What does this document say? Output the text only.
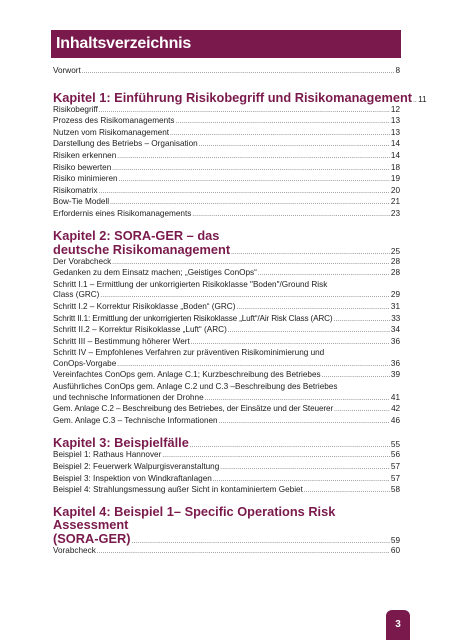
Inhaltsverzeichnis
Vorwort .....	8
Kapitel 1: Einführung Risikobegriff und Risikomanagement ..... 11
Risikobegriff .....	12
Prozess des Risikomanagements .....	13
Nutzen vom Risikomanagement .....	13
Darstellung des Betriebs – Organisation .....	14
Risiken erkennen .....	14
Risiko bewerten .....	18
Risiko minimieren .....	19
Risikomatrix .....	20
Bow-Tie Modell .....	21
Erfordernis eines Risikomanagements .....	23
Kapitel 2: SORA-GER – das
deutsche Risikomanagement .....	25
Der Vorabcheck .....	28
Gedanken zu dem Einsatz machen; „Geistiges ConOps“ .....	28
Schritt I.1 – Ermittlung der unkorrigierten Risikoklasse "Boden"/Ground Risk
Class (GRC) .....	29
Schritt I.2 – Korrektur Risikoklasse „Boden“ (GRC) .....	31
Schritt II.1: Ermittlung der unkorrigierten Risikoklasse „Luft“/Air Risk Class (ARC) .....	33
Schritt II.2 – Korrektur Risikoklasse „Luft“ (ARC) .....	34
Schritt III – Bestimmung höherer Wert .....	36
Schritt IV – Empfohlenes Verfahren zur präventiven Risikominimierung und
ConOps-Vorgabe .....	36
Vereinfachtes ConOps gem. Anlage C.1; Kurzbeschreibung des Betriebes .....	39
Ausführliches ConOps gem. Anlage C.2 und C.3 –Beschreibung des Betriebes
und technische Informationen der Drohne .....	41
Gem. Anlage C.2 – Beschreibung des Betriebes, der Einsätze und der Steuerer .....	42
Gem. Anlage C.3 – Technische Informationen .....	46
Kapitel 3: Beispielfälle .....	55
Beispiel 1: Rathaus Hannover .....	56
Beispiel 2: Feuerwerk Walpurgisveranstaltung .....	57
Beispiel 3: Inspektion von Windkraftanlagen .....	57
Beispiel 4: Strahlungsmessung außer Sicht in kontaminiertem Gebiet .....	58
Kapitel 4: Beispiel 1– Specific Operations Risk Assessment
(SORA-GER) .....	59
Vorabcheck .....	60
3
